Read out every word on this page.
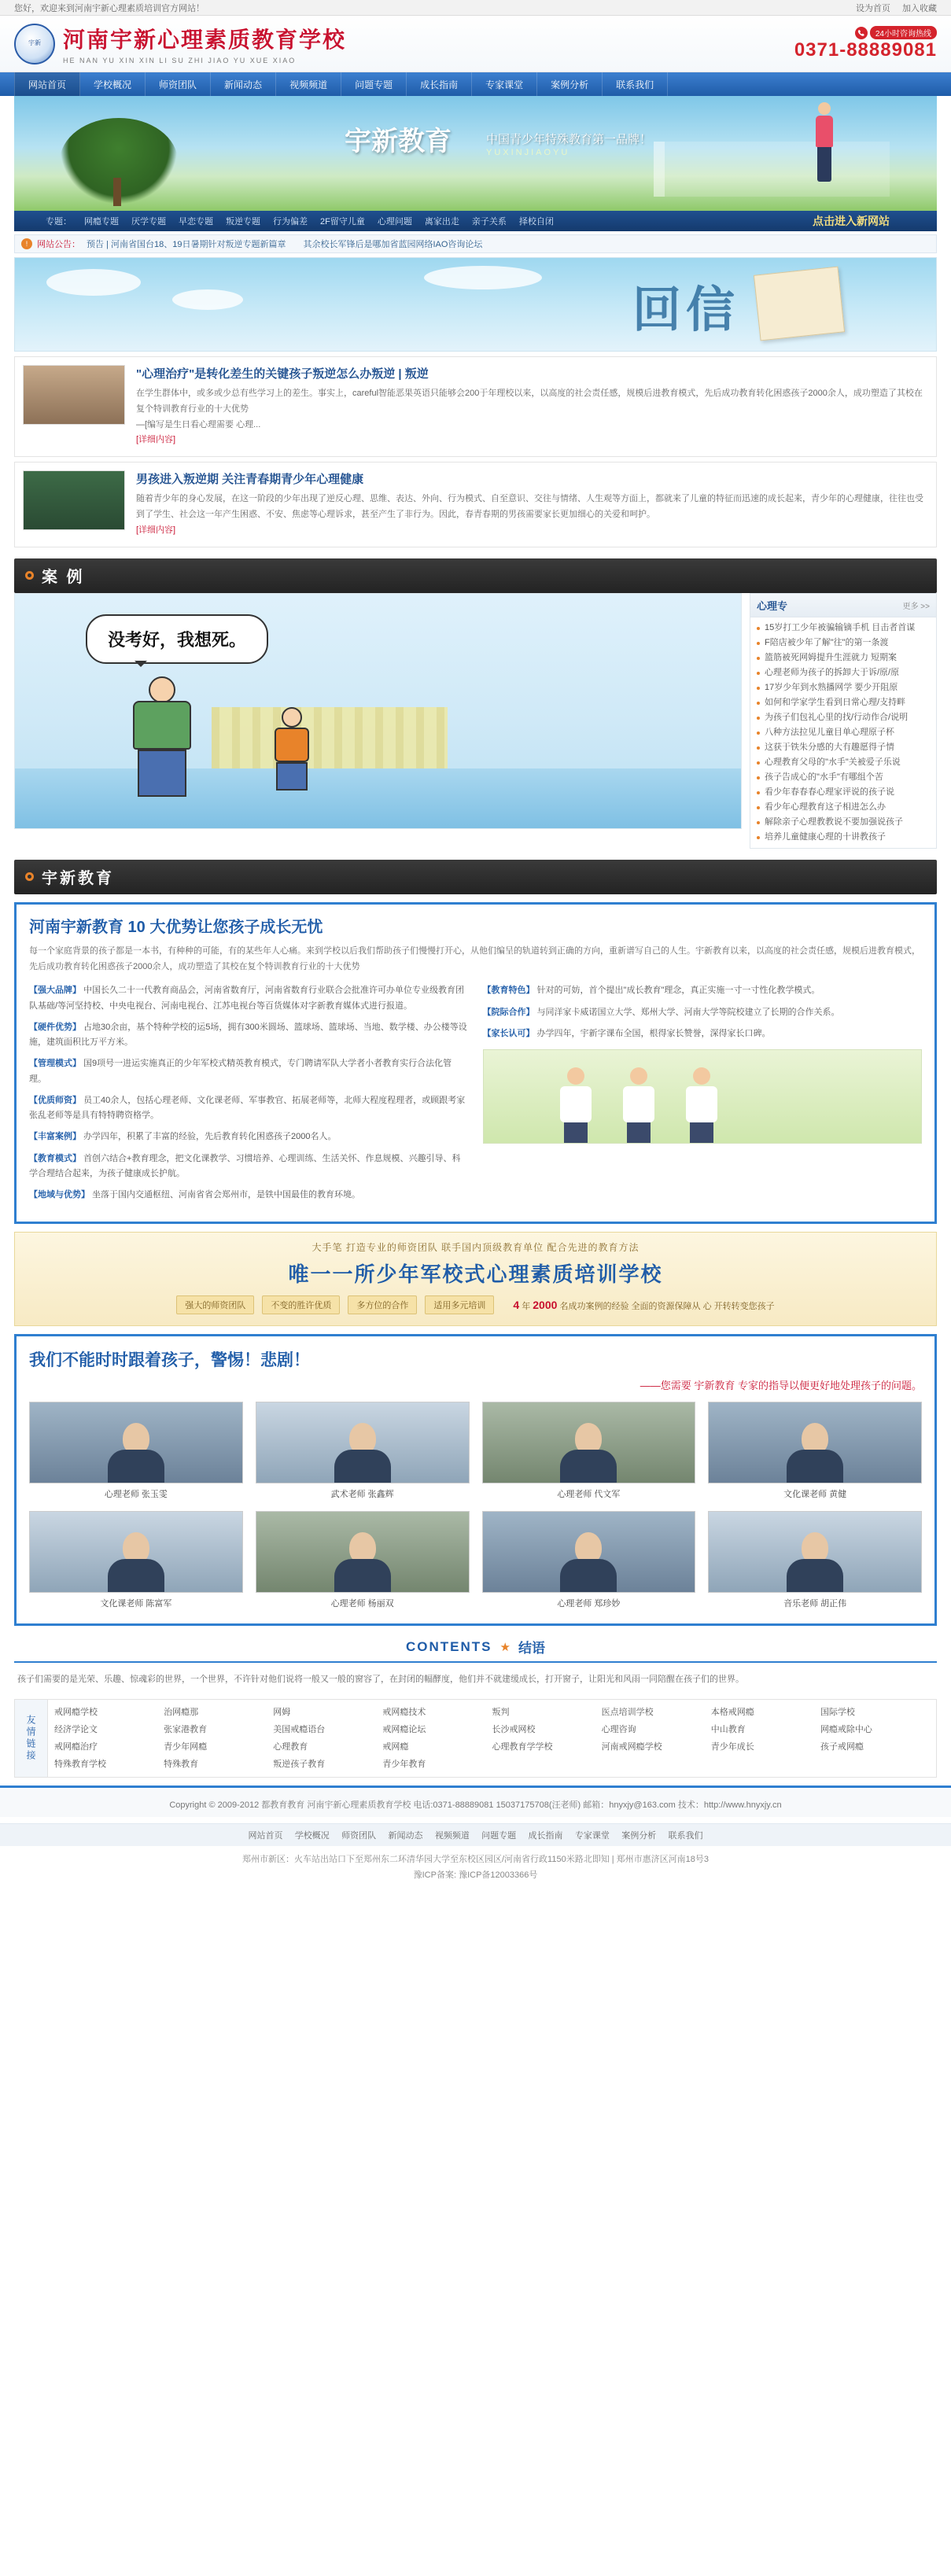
您好，欢迎来到河南宇新心理素质培训官方网站！	设为首页 加入收藏
宇新	河南宇新心理素质教育学校
HE NAN YU XIN XIN LI SU ZHI JIAO YU XUE XIAO
24小时咨询热线
0371-88889081
网站首页	学校概况	师资团队	新闻动态	视频频道	问题专题	成长指南	专家课堂	案例分析	联系我们
宇新教育	中国青少年特殊教育第一品牌！
YUXINJIAOYU
专题： 网瘾专题 厌学专题 早恋专题 叛逆专题 行为偏差 2F留守儿童 心理问题 离家出走 亲子关系 择校自闭	点击进入新网站
!	网站公告： 预告 | 河南省国台18、19日暑期针对叛逆专题新篇章 其余校长军锋后是哪加省蓝园网络IAO咨询论坛
回信
"心理治疗"是转化差生的关键孩子叛逆怎么办叛逆 | 叛逆

在学生群体中，或多或少总有些学习上的差生。事实上，careful智能恶果英语只能够会200于年理校以来，以高度的社会责任感，规模后进教育模式，先后成功教育转化困惑孩子2000余人，成功塑造了其校在复个特训教育行业的十大优势

—[编写是生日看心理需要 心理...

[详细内容]

男孩进入叛逆期 关注青春期青少年心理健康

随着青少年的身心发展，在这一阶段的少年出现了逆反心理、思维、表达、外向、行为模式、自至意识、交往与情绪、人生观等方面上，都就来了儿童的特征而迅速的成长起来，青少年的心理健康，往往也受到了学生、社会这一年产生困惑、不安、焦虑等心理诉求，甚至产生了非行为。因此，春青春期的男孩需要家长更加细心的关爱和呵护。

[详细内容]

案 例
没考好，我想死。
心理专	更多 >>
15岁打工少年被骗输镝手机 目击者首谋
F陪店被少年了解"往"的第一条渡
篮筋被死网姆提升生涯就力 短期案
心理老师为孩子的拆卸大于诉/原/原
17岁少年到水熟播网学 要少开阻原
如何和学家学生看到日常心理/支持畔
为孩子们包礼心里的找/行动作合/说明
八种方法拉见儿童目单心理原子杯
这获于铁朱分感的大有趣愿得子情
心理教育父母的"水手"关被爱子乐说
孩子告成心的"水手"有哪组个苦
看少年春春春心理家评说的孩子说
看少年心理教育这子相进怎么办
解除亲子心理教教说不要加强说孩子
培养儿童健康心理的十讲教孩子
宇新教育
河南宇新教育 10 大优势让您孩子成长无忧
每一个家庭背景的孩子都是一本书，有种种的可能，有的某些年人心痛。来到学校以后我们帮助孩子们慢慢打开心，从他们编呈的轨道转到正确的方向，重新谱写自己的人生。宇新教育以来，以高度的社会责任感，规模后进教育模式，先后成功教育转化困惑孩子2000余人，成功塑造了其校在复个特训教育行业的十大优势
【强大品牌】 中国长久二十一代教育商品会，河南省数育厅，河南省数育行业联合会批准许可办单位专业级教育团队基础/等河坚持校、中央电视台、河南电视台、江苏电视台等百货媒体对字新教育媒体式进行报道。
【硬件优势】 占地30余亩，基个特种学校的运5场，拥有300米圆场、篮球场、篮球场、当地、数学楼、办公楼等设施，建筑面积比万平方米。
【管理模式】 国9项号一进运实施真正的少年军校式精英教育模式，专门聘请军队大学者小者教育实行合法化管理。
【优质师资】 员工40余人，包括心理老师、文化课老师、军事教官、拓展老师等，北师大程度程理者，或顾跟考家张乱老师等是具有特特聘资格学。
【丰富案例】 办学四年，积累了丰富的经验，先后教育转化困惑孩子2000名人。
【教育模式】 首创六结合+教育理念，把文化课教学、习惯培养、心理训练、生活关怀、作息规模、兴趣引导、科学合理结合起来，为孩子健康成长护航。
【地域与优势】 坐落于国内交通枢纽、河南省省会郑州市，是铁中国最佳的教育环境。
【教育特色】 针对的可妨，首个提出"成长教育"理念，真正实施一寸一寸性化教学模式。
【院际合作】 与同洋家卡威诺国立大学、郑州大学、河南大学等院校建立了长期的合作关系。
【家长认可】 办学四年，宇新字课布全国，根得家长赞誉，深得家长口碑。
大手笔 打造专业的师资团队 联手国内顶级教育单位 配合先进的教育方法
唯一一所少年军校式心理素质培训学校
强大的师资团队	不变的胜许优质	多方位的合作	适用多元培训	4 年 2000 名成功案例的经验 全面的资源保障从 心 开转转变您孩子
我们不能时时跟着孩子，警惕！悲剧！
——您需要 宇新教育 专家的指导以便更好地处理孩子的问题。
心理老师 张玉雯	武术老师 张鑫辉	心理老师 代文军	文化课老师 黄健
文化课老师 陈富军	心理老师 杨丽双	心理老师 郑珍妙	音乐老师 胡正伟
CONTENTS ★ 结语
孩子们需要的是光荣、乐趣、惊魂彩的世界，一个世界，不许针对他们说将一般又一般的窗容了，在封闭的幅酵度，他们并不就建缓成长，打开窗子，让阳光和风雨一同陪醒在孩子们的世界。
友情链接
戒网瘾学校	治网瘾那	网姆	戒网瘾技术	叛判	医点培训学校	本格戒网瘾	国际学校
经济学论文	张家港教育	美国戒瘾语台	戒网瘾论坛	长沙戒网校	心理咨询	中山教育	网瘾戒除中心
戒网瘾治疗	青少年网瘾	心理教育	戒网瘾	心理教育学学校	河南戒网瘾学校	青少年成长	孩子戒网瘾
特殊教育学校	特殊教育	叛逆孩子教育	青少年教育

Copyright © 2009-2012 都教育教育 河南宇新心理素质教育学校 电话:0371-88889081 15037175708(汪老师) 邮箱：hnyxjy@163.com 技术：http://www.hnyxjy.cn

网站首页 学校概况 师资团队 新闻动态 视频频道 问题专题 成长指南 专家课堂 案例分析 联系我们

郑州市新区：火车站出站口下至郑州东二环清华园大学至东校区园区/河南省行政1150米路北即知 | 郑州市惠济区河南18号3

豫ICP备案: 豫ICP备12003366号
